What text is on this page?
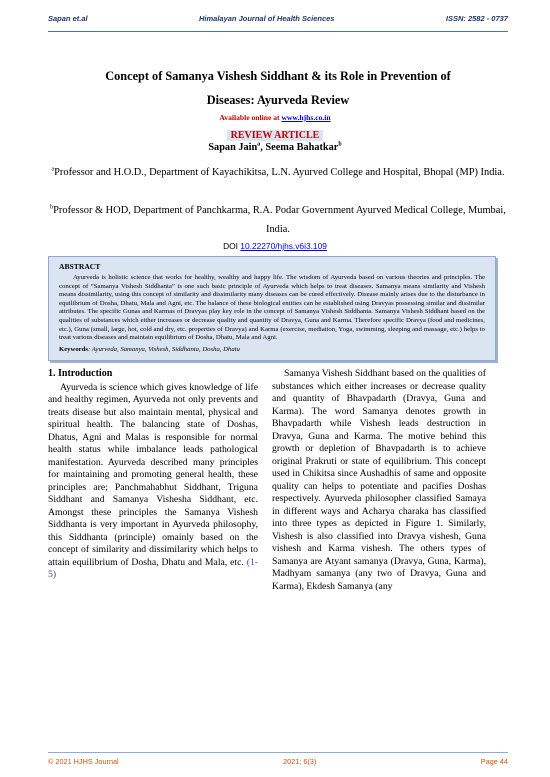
Sapan et.al	Himalayan Journal of Health Sciences	ISSN: 2582 - 0737
Concept of Samanya Vishesh Siddhant & its Role in Prevention of
Diseases: Ayurveda Review
Available online at www.hjhs.co.in
REVIEW ARTICLE
Sapan Jain$^a$, Seema Bahatkar$^b$
$^a$Professor and H.O.D., Department of Kayachikitsa, L.N. Ayurved College and Hospital, Bhopal (MP) India.
$^b$Professor & HOD, Department of Panchkarma, R.A. Podar Government Ayurved Medical College, Mumbai, India.
DOI 10.22270/hjhs.v6i3.109
ABSTRACT
Ayurveda is holistic science that works for healthy, wealthy and happy life. The wisdom of Ayurveda based on various theories and principles. The concept of “Samanya Vishesh Siddhanta” is one such basic principle of Ayurveda which helps to treat diseases. Samanya means similarity and Vishesh means dissimilarity, using this concept of similarity and dissimilarity many diseases can be cured effectively. Disease mainly arises due to the disturbance in equilibrium of Dosha, Dhatu, Mala and Agni, etc. The balance of these biological entities can be established using Dravyas possessing similar and dissimilar attributes. The specific Gunas and Karmas of Dravyas play key role in the concept of Samanya Vishesh Siddhanta. Samanya Vishesh Siddhant based on the qualities of substances which either increases or decrease quality and quantity of Dravya, Guna and Karma. Therefore specific Dravya (food and medicines, etc.), Guna (small, large, hot, cold and dry, etc. properties of Dravya) and Karma (exercise, mediation, Yoga, swimming, sleeping and massage, etc.) helps to treat various diseases and maintain equilibrium of Dosha, Dhatu, Mala and Agni.
Keywords: Ayurveda, Samanya, Vishesh, Siddhanta, Dosha, Dhatu
1. Introduction

Ayurveda is science which gives knowledge of life and healthy regimen, Ayurveda not only prevents and treats disease but also maintain mental, physical and spiritual health. The balancing state of Doshas, Dhatus, Agni and Malas is responsible for normal health status while imbalance leads pathological manifestation. Ayurveda described many principles for maintaining and promoting general health, these principles are; Panchmahabhut Siddhant, Triguna Siddhant and Samanya Vishesha Siddhant, etc. Amongst these principles the Samanya Vishesh Siddhanta is very important in Ayurveda philosophy, this Siddhanta (principle) omainly based on the concept of similarity and dissimilarity which helps to attain equilibrium of Dosha, Dhatu and Mala, etc. (1-5)

Samanya Vishesh Siddhant based on the qualities of substances which either increases or decrease quality and quantity of Bhavpadarth (Dravya, Guna and Karma). The word Samanya denotes growth in Bhavpadarth while Vishesh leads destruction in Dravya, Guna and Karma. The motive behind this growth or depletion of Bhavpadarth is to achieve original Prakruti or state of equilibrium. This concept used in Chikitsa since Aushadhis of same and opposite quality can helps to potentiate and pacifies Doshas respectively. Ayurveda philosopher classified Samaya in different ways and Acharya charaka has classified into three types as depicted in Figure 1. Similarly, Vishesh is also classified into Dravya vishesh, Guna vishesh and Karma vishesh. The others types of Samanya are Atyant samanya (Dravya, Guna, Karma), Madhyam samanya (any two of Dravya, Guna and Karma), Ekdesh Samanya (any

© 2021 HJHS Journal	2021; 6(3)	Page 44
